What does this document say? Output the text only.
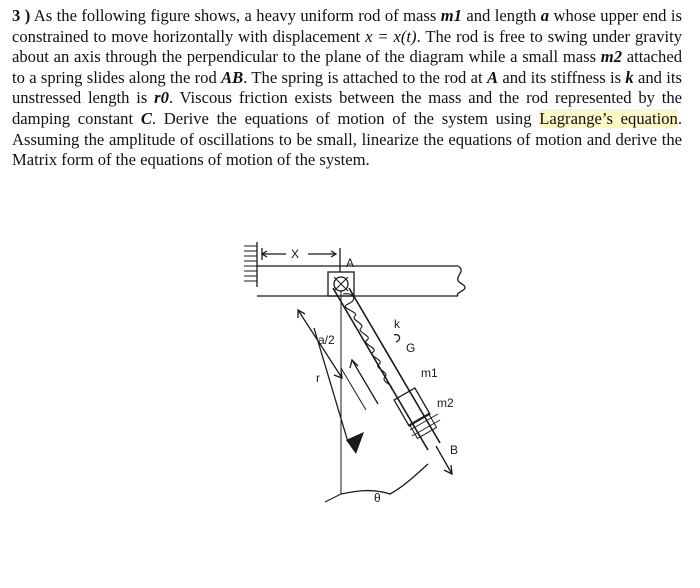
3 ) As the following figure shows, a heavy uniform rod of mass m1 and length a whose upper end is constrained to move horizontally with displacement x = x(t). The rod is free to swing under gravity about an axis through the perpendicular to the plane of the diagram while a small mass m2 attached to a spring slides along the rod AB. The spring is attached to the rod at A and its stiffness is k and its unstressed length is r0. Viscous friction exists between the mass and the rod represented by the damping constant C. Derive the equations of motion of the system using Lagrange’s equation. Assuming the amplitude of oscillations to be small, linearize the equations of motion and derive the Matrix form of the equations of motion of the system.
X
A
a/2
k
G
r	m1
m2
B
θ
